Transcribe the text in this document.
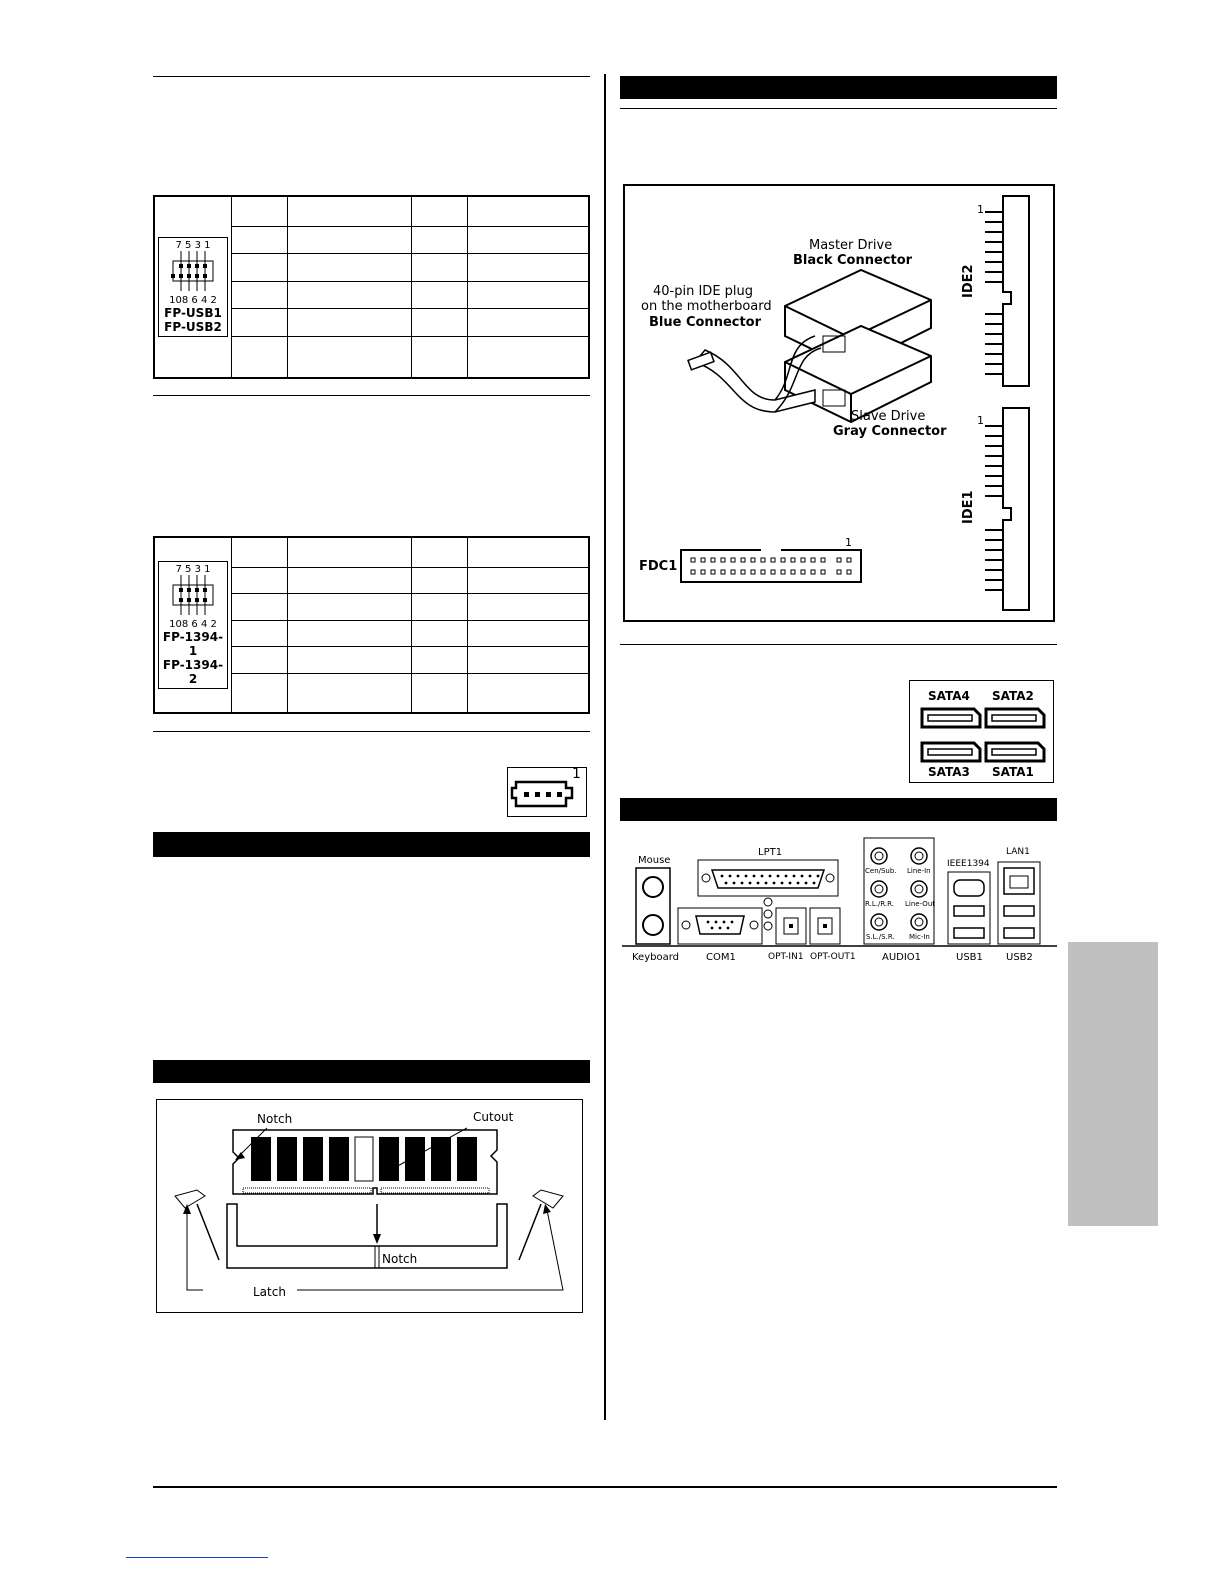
7 5 3 1
108 6 4 2
FP-USB1
FP-USB2				

7 5 3 1
108 6 4 2
FP-1394-1
FP-1394-2				

1
Notch	Cutout
Notch
Latch
Master Drive
Black Connector
40-pin IDE plug
on the motherboard
Blue Connector
Slave Drive
Gray Connector
IDE2
IDE1
1
1
FDC1
1
SATA4 SATA2
SATA3 SATA1
Mouse
Keyboard
LPT1
COM1	OPT-IN1 OPT-OUT1	AUDIO1
Cen/Sub. Line-In
R.L./R.R. Line-Out
S.L./S.R. Mic-In
IEEE1394
LAN1
USB1 USB2
